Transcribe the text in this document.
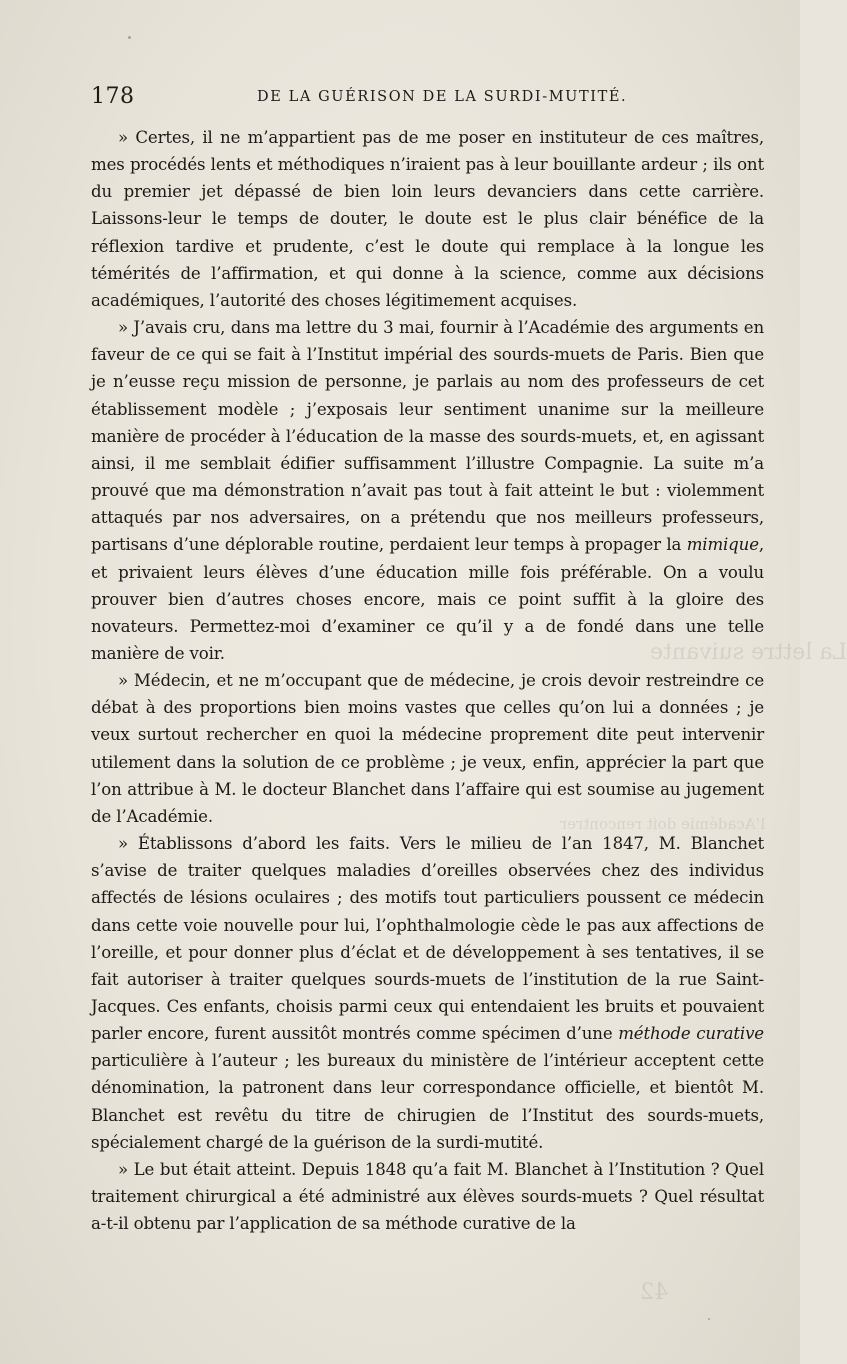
178	DE LA GUÉRISON DE LA SURDI-MUTITÉ.

» Certes, il ne m’appartient pas de me poser en instituteur de ces maîtres, mes procédés lents et méthodiques n’iraient pas à leur bouillante ardeur ; ils ont du premier jet dépassé de bien loin leurs devanciers dans cette carrière. Laissons-leur le temps de douter, le doute est le plus clair bénéfice de la réflexion tardive et prudente, c’est le doute qui remplace à la longue les témérités de l’affirmation, et qui donne à la science, comme aux décisions académiques, l’autorité des choses légitimement acquises.

» J’avais cru, dans ma lettre du 3 mai, fournir à l’Académie des arguments en faveur de ce qui se fait à l’Institut impérial des sourds-muets de Paris. Bien que je n’eusse reçu mission de personne, je parlais au nom des professeurs de cet établissement modèle ; j’exposais leur sentiment unanime sur la meilleure manière de procéder à l’éducation de la masse des sourds-muets, et, en agissant ainsi, il me semblait édifier suffisamment l’illustre Compagnie. La suite m’a prouvé que ma démonstration n’avait pas tout à fait atteint le but : violemment attaqués par nos adversaires, on a prétendu que nos meilleurs professeurs, partisans d’une déplorable routine, perdaient leur temps à propager la mimique, et privaient leurs élèves d’une éducation mille fois préférable. On a voulu prouver bien d’autres choses encore, mais ce point suffit à la gloire des novateurs. Permettez-moi d’examiner ce qu’il y a de fondé dans une telle manière de voir.

» Médecin, et ne m’occupant que de médecine, je crois devoir restreindre ce débat à des proportions bien moins vastes que celles qu’on lui a données ; je veux surtout rechercher en quoi la médecine proprement dite peut intervenir utilement dans la solution de ce problème ; je veux, enfin, apprécier la part que l’on attribue à M. le docteur Blanchet dans l’affaire qui est soumise au jugement de l’Académie.

» Établissons d’abord les faits. Vers le milieu de l’an 1847, M. Blanchet s’avise de traiter quelques maladies d’oreilles observées chez des individus affectés de lésions oculaires ; des motifs tout particuliers poussent ce médecin dans cette voie nouvelle pour lui, l’ophthalmologie cède le pas aux affections de l’oreille, et pour donner plus d’éclat et de développement à ses tentatives, il se fait autoriser à traiter quelques sourds-muets de l’institution de la rue Saint-Jacques. Ces enfants, choisis parmi ceux qui entendaient les bruits et pouvaient parler encore, furent aussitôt montrés comme spécimen d’une méthode curative particulière à l’auteur ; les bureaux du ministère de l’intérieur acceptent cette dénomination, la patronent dans leur correspondance officielle, et bientôt M. Blanchet est revêtu du titre de chirugien de l’Institut des sourds-muets, spécialement chargé de la guérison de la surdi-mutité.

» Le but était atteint. Depuis 1848 qu’a fait M. Blanchet à l’Institution ? Quel traitement chirurgical a été administré aux élèves sourds-muets ? Quel résultat a-t-il obtenu par l’application de sa méthode curative de la

La lettre suivante
l’Académie doit rencontrer
42
